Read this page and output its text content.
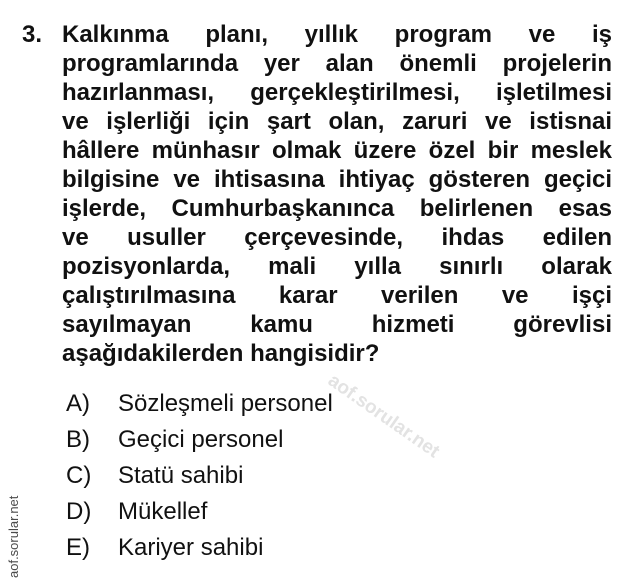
3. Kalkınma planı, yıllık program ve iş
programlarında yer alan önemli projelerin
hazırlanması, gerçekleştirilmesi, işletilmesi
ve işlerliği için şart olan, zaruri ve istisnai
hâllere münhasır olmak üzere özel bir meslek
bilgisine ve ihtisasına ihtiyaç gösteren geçici
işlerde, Cumhurbaşkanınca belirlenen esas
ve usuller çerçevesinde, ihdas edilen
pozisyonlarda, mali yılla sınırlı olarak
çalıştırılmasına karar verilen ve işçi
sayılmayan kamu hizmeti görevlisi
aşağıdakilerden hangisidir?
A)	Sözleşmeli personel
B)	Geçici personel
C)	Statü sahibi
D)	Mükellef
E)	Kariyer sahibi
aof.sorular.net
aof.sorular.net
